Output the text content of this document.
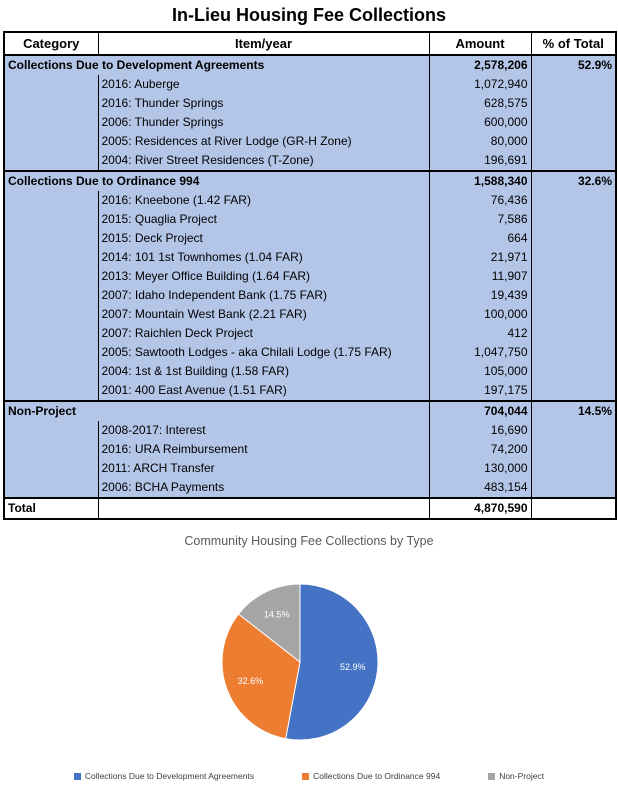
In-Lieu Housing Fee Collections
Category	Item/year	Amount	% of Total
Collections Due to Development Agreements		2,578,206	52.9%
	2016: Auberge	1,072,940	
	2016: Thunder Springs	628,575	
	2006: Thunder Springs	600,000	
	2005: Residences at River Lodge (GR-H Zone)	80,000	
	2004: River Street Residences (T-Zone)	196,691	
Collections Due to Ordinance 994		1,588,340	32.6%
	2016: Kneebone (1.42 FAR)	76,436	
	2015: Quaglia Project	7,586	
	2015: Deck Project	664	
	2014: 101 1st Townhomes (1.04 FAR)	21,971	
	2013: Meyer Office Building (1.64 FAR)	11,907	
	2007: Idaho Independent Bank (1.75 FAR)	19,439	
	2007: Mountain West Bank (2.21 FAR)	100,000	
	2007: Raichlen Deck Project	412	
	2005: Sawtooth Lodges - aka Chilali Lodge (1.75 FAR)	1,047,750	
	2004: 1st & 1st Building (1.58 FAR)	105,000	
	2001: 400 East Avenue (1.51 FAR)	197,175	
Non-Project		704,044	14.5%
	2008-2017: Interest	16,690	
	2016: URA Reimbursement	74,200	
	2011: ARCH Transfer	130,000	
	2006: BCHA Payments	483,154	
Total		4,870,590	
Community Housing Fee Collections by Type
52.9%
32.6%
14.5%
Collections Due to Development Agreements	Collections Due to Ordinance 994	Non-Project
